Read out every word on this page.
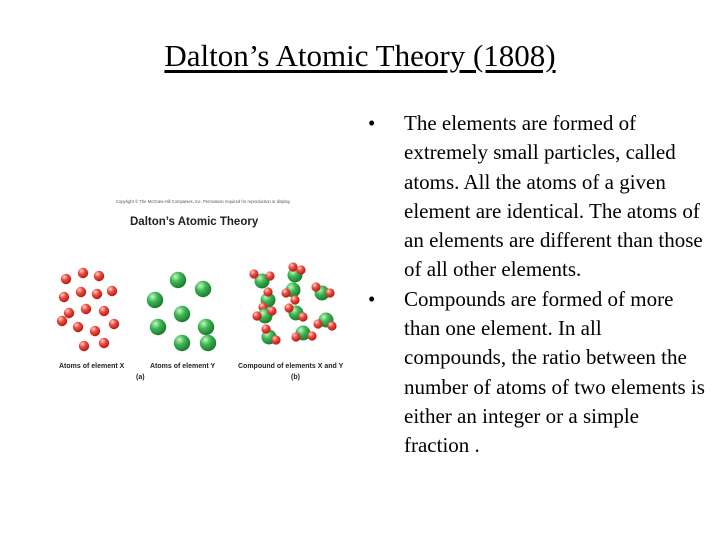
Dalton’s Atomic Theory (1808)
Copyright © The McGraw-Hill Companies, Inc. Permission required for reproduction or display.
Dalton’s Atomic Theory
Atoms of element X	Atoms of element Y	Compound of elements X and Y
(a)	(b)
• The elements are formed of extremely small particles, called atoms. All the atoms of a given element are identical. The atoms of an elements are different than those of all other elements.
• Compounds are formed of more than one element. In all compounds, the ratio between the number of atoms of two elements is either an integer or a simple fraction .
